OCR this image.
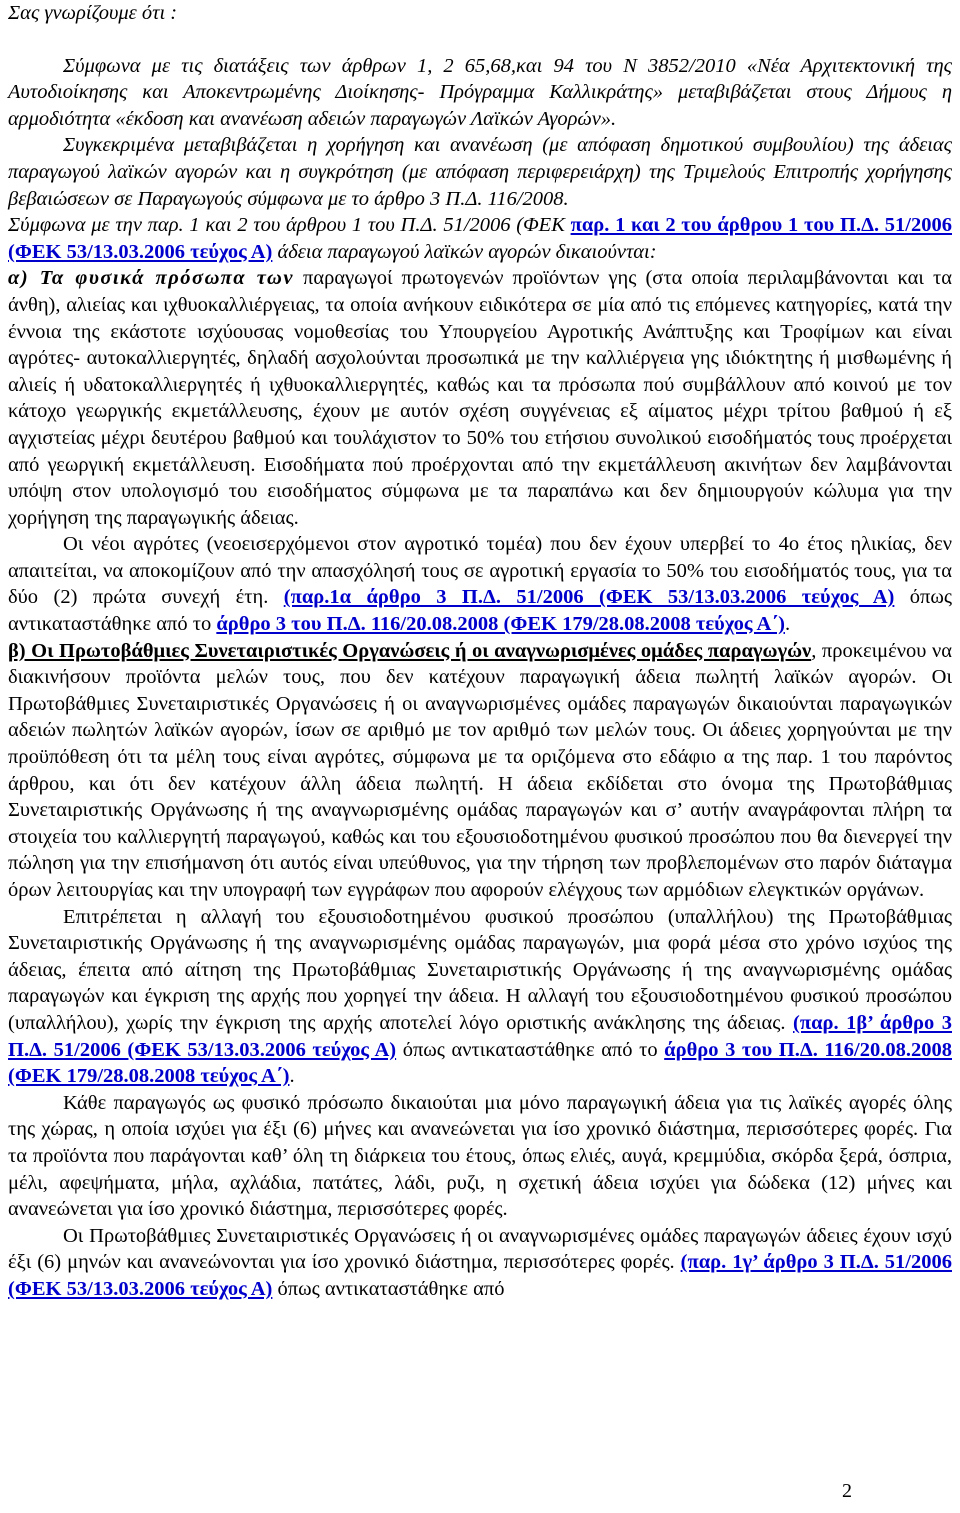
Σας γνωρίζουμε ότι :

Σύμφωνα με τις διατάξεις των άρθρων 1, 2 65,68,και 94 του Ν 3852/2010 «Νέα Αρχιτεκτονική της Αυτοδιοίκησης και Αποκεντρωμένης Διοίκησης- Πρόγραμμα Καλλικράτης» μεταβιβάζεται στους Δήμους η αρμοδιότητα «έκδοση και ανανέωση αδειών παραγωγών Λαϊκών Αγορών».

Συγκεκριμένα μεταβιβάζεται η χορήγηση και ανανέωση (με απόφαση δημοτικού συμβουλίου) της άδειας παραγωγού λαϊκών αγορών και η συγκρότηση (με απόφαση περιφερειάρχη) της Τριμελούς Επιτροπής χορήγησης βεβαιώσεων σε Παραγωγούς σύμφωνα με το άρθρο 3 Π.Δ. 116/2008.

Σύμφωνα με την παρ. 1 και 2 του άρθρου 1 του Π.Δ. 51/2006 (ΦΕΚ παρ. 1 και 2 του άρθρου 1 του Π.Δ. 51/2006 (ΦΕΚ 53/13.03.2006 τεύχος Α) άδεια παραγωγού λαϊκών αγορών δικαιούνται:

α) Τα φυσικά πρόσωπα των παραγωγοί πρωτογενών προϊόντων γης (στα οποία περιλαμβάνονται και τα άνθη), αλιείας και ιχθυοκαλλιέργειας, τα οποία ανήκουν ειδικότερα σε μία από τις επόμενες κατηγορίες, κατά την έννοια της εκάστοτε ισχύουσας νομοθεσίας του Υπουργείου Αγροτικής Ανάπτυξης και Τροφίμων και είναι αγρότες- αυτοκαλλιεργητές, δηλαδή ασχολούνται προσωπικά με την καλλιέργεια γης ιδιόκτητης ή μισθωμένης ή αλιείς ή υδατοκαλλιεργητές ή ιχθυοκαλλιεργητές, καθώς και τα πρόσωπα πού συμβάλλουν από κοινού με τον κάτοχο γεωργικής εκμετάλλευσης, έχουν με αυτόν σχέση συγγένειας εξ αίματος μέχρι τρίτου βαθμού ή εξ αγχιστείας μέχρι δευτέρου βαθμού και τουλάχιστον το 50% του ετήσιου συνολικού εισοδήματός τους προέρχεται από γεωργική εκμετάλλευση. Εισοδήματα πού προέρχονται από την εκμετάλλευση ακινήτων δεν λαμβάνονται υπόψη στον υπολογισμό του εισοδήματος σύμφωνα με τα παραπάνω και δεν δημιουργούν κώλυμα για την χορήγηση της παραγωγικής άδειας.

Οι νέοι αγρότες (νεοεισερχόμενοι στον αγροτικό τομέα) που δεν έχουν υπερβεί το 4ο έτος ηλικίας, δεν απαιτείται, να αποκομίζουν από την απασχόλησή τους σε αγροτική εργασία το 50% του εισοδήματός τους, για τα δύο (2) πρώτα συνεχή έτη. (παρ.1α άρθρο 3 Π.Δ. 51/2006 (ΦΕΚ 53/13.03.2006 τεύχος Α) όπως αντικαταστάθηκε από το άρθρο 3 του Π.Δ. 116/20.08.2008 (ΦΕΚ 179/28.08.2008 τεύχος Α΄).

β) Οι Πρωτοβάθμιες Συνεταιριστικές Οργανώσεις ή οι αναγνωρισμένες ομάδες παραγωγών, προκειμένου να διακινήσουν προϊόντα μελών τους, που δεν κατέχουν παραγωγική άδεια πωλητή λαϊκών αγορών. Οι Πρωτοβάθμιες Συνεταιριστικές Οργανώσεις ή οι αναγνωρισμένες ομάδες παραγωγών δικαιούνται παραγωγικών αδειών πωλητών λαϊκών αγορών, ίσων σε αριθμό με τον αριθμό των μελών τους. Οι άδειες χορηγούνται με την προϋπόθεση ότι τα μέλη τους είναι αγρότες, σύμφωνα με τα οριζόμενα στο εδάφιο α της παρ. 1 του παρόντος άρθρου, και ότι δεν κατέχουν άλλη άδεια πωλητή. Η άδεια εκδίδεται στο όνομα της Πρωτοβάθμιας Συνεταιριστικής Οργάνωσης ή της αναγνωρισμένης ομάδας παραγωγών και σ’ αυτήν αναγράφονται πλήρη τα στοιχεία του καλλιεργητή παραγωγού, καθώς και του εξουσιοδοτημένου φυσικού προσώπου που θα διενεργεί την πώληση για την επισήμανση ότι αυτός είναι υπεύθυνος, για την τήρηση των προβλεπομένων στο παρόν διάταγμα όρων λειτουργίας και την υπογραφή των εγγράφων που αφορούν ελέγχους των αρμόδιων ελεγκτικών οργάνων.

Επιτρέπεται η αλλαγή του εξουσιοδοτημένου φυσικού προσώπου (υπαλλήλου) της Πρωτοβάθμιας Συνεταιριστικής Οργάνωσης ή της αναγνωρισμένης ομάδας παραγωγών, μια φορά μέσα στο χρόνο ισχύος της άδειας, έπειτα από αίτηση της Πρωτοβάθμιας Συνεταιριστικής Οργάνωσης ή της αναγνωρισμένης ομάδας παραγωγών και έγκριση της αρχής που χορηγεί την άδεια. Η αλλαγή του εξουσιοδοτημένου φυσικού προσώπου (υπαλλήλου), χωρίς την έγκριση της αρχής αποτελεί λόγο οριστικής ανάκλησης της άδειας. (παρ. 1β’ άρθρο 3 Π.Δ. 51/2006 (ΦΕΚ 53/13.03.2006 τεύχος Α) όπως αντικαταστάθηκε από το άρθρο 3 του Π.Δ. 116/20.08.2008 (ΦΕΚ 179/28.08.2008 τεύχος Α΄).

Κάθε παραγωγός ως φυσικό πρόσωπο δικαιούται μια μόνο παραγωγική άδεια για τις λαϊκές αγορές όλης της χώρας, η οποία ισχύει για έξι (6) μήνες και ανανεώνεται για ίσο χρονικό διάστημα, περισσότερες φορές. Για τα προϊόντα που παράγονται καθ’ όλη τη διάρκεια του έτους, όπως ελιές, αυγά, κρεμμύδια, σκόρδα ξερά, όσπρια, μέλι, αφεψήματα, μήλα, αχλάδια, πατάτες, λάδι, ρυζι, η σχετική άδεια ισχύει για δώδεκα (12) μήνες και ανανεώνεται για ίσο χρονικό διάστημα, περισσότερες φορές.

Οι Πρωτοβάθμιες Συνεταιριστικές Οργανώσεις ή οι αναγνωρισμένες ομάδες παραγωγών άδειες έχουν ισχύ έξι (6) μηνών και ανανεώνονται για ίσο χρονικό διάστημα, περισσότερες φορές. (παρ. 1γ’ άρθρο 3 Π.Δ. 51/2006 (ΦΕΚ 53/13.03.2006 τεύχος Α) όπως αντικαταστάθηκε από

2
